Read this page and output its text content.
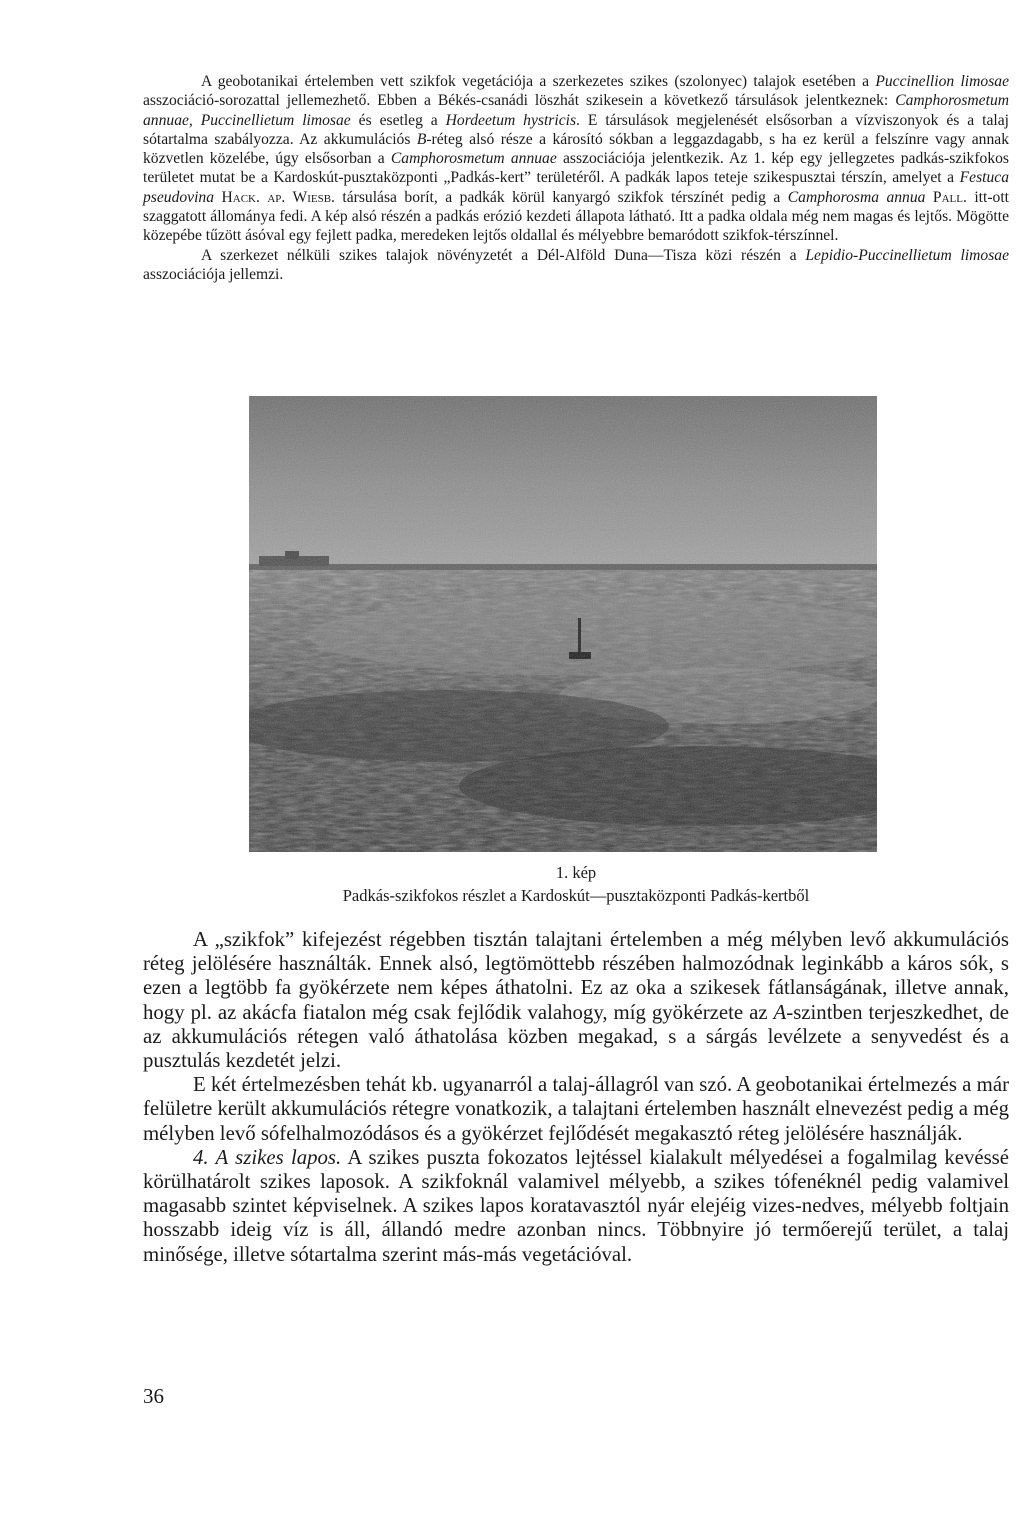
A geobotanikai értelemben vett szikfok vegetációja a szerkezetes szikes (szolonyec) talajok esetében a Puccinellion limosae asszociáció-sorozattal jellemezhető. Ebben a Békés-csanádi löszhát szikesein a következő társulások jelentkeznek: Camphorosmetum annuae, Puccinellietum limosae és esetleg a Hordeetum hystricis. E társulások megjelenését elsősorban a vízviszonyok és a talaj sótartalma szabályozza. Az akkumulációs B-réteg alsó része a károsító sókban a leggazdagabb, s ha ez kerül a felszínre vagy annak közvetlen közelébe, úgy elsősorban a Camphorosmetum annuae asszociációja jelentkezik. Az 1. kép egy jellegzetes padkás-szikfokos területet mutat be a Kardoskút-pusztaközponti „Padkás-kert” területéről. A padkák lapos teteje szikespusztai térszín, amelyet a Festuca pseudovina Hack. ap. Wiesb. társulása borít, a padkák körül kanyargó szikfok térszínét pedig a Camphorosma annua Pall. itt-ott szaggatott állománya fedi. A kép alsó részén a padkás erózió kezdeti állapota látható. Itt a padka oldala még nem magas és lejtős. Mögötte közepébe tűzött ásóval egy fejlett padka, meredeken lejtős oldallal és mélyebbre bemaródott szikfok-térszínnel.

A szerkezet nélküli szikes talajok növényzetét a Dél-Alföld Duna—Tisza közi részén a Lepidio-Puccinellietum limosae asszociációja jellemzi.

1. kép
Padkás-szikfokos részlet a Kardoskút—pusztaközponti Padkás-kertből

A „szikfok” kifejezést régebben tisztán talajtani értelemben a még mélyben levő akkumulációs réteg jelölésére használták. Ennek alsó, legtömöttebb részében halmozódnak leginkább a káros sók, s ezen a legtöbb fa gyökérzete nem képes áthatolni. Ez az oka a szikesek fátlanságának, illetve annak, hogy pl. az akácfa fiatalon még csak fejlődik valahogy, míg gyökérzete az A-szintben terjeszkedhet, de az akkumulációs rétegen való áthatolása közben megakad, s a sárgás levélzete a senyvedést és a pusztulás kezdetét jelzi.

E két értelmezésben tehát kb. ugyanarról a talaj-állagról van szó. A geobotanikai értelmezés a már felületre került akkumulációs rétegre vonatkozik, a talajtani értelemben használt elnevezést pedig a még mélyben levő sófelhalmozódásos és a gyökérzet fejlődését megakasztó réteg jelölésére használják.

4. A szikes lapos. A szikes puszta fokozatos lejtéssel kialakult mélyedései a fogalmilag kevéssé körülhatárolt szikes laposok. A szikfoknál valamivel mélyebb, a szikes tófenéknél pedig valamivel magasabb szintet képviselnek. A szikes lapos koratavasztól nyár elejéig vizes-nedves, mélyebb foltjain hosszabb ideig víz is áll, állandó medre azonban nincs. Többnyire jó termőerejű terület, a talaj minősége, illetve sótartalma szerint más-más vegetációval.

36
